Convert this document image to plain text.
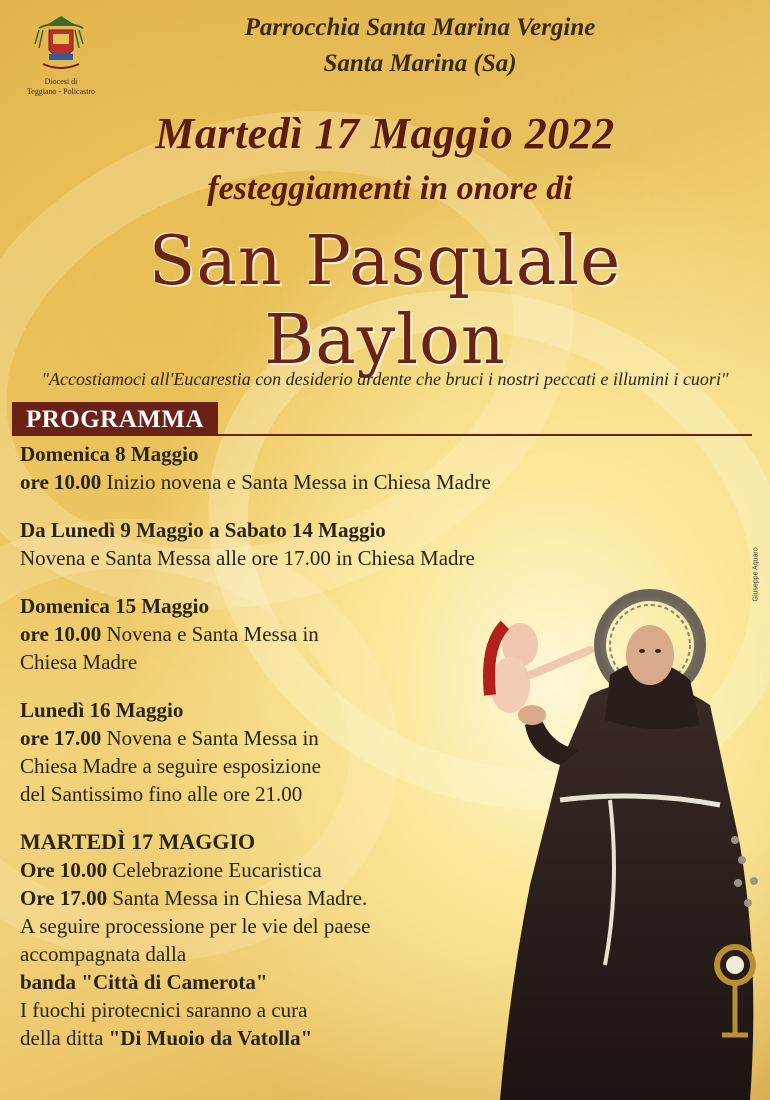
Diocesi di
Teggiano - Policastro
Parrocchia Santa Marina Vergine
Santa Marina (Sa)
Martedì 17 Maggio 2022
festeggiamenti in onore di
San Pasquale Baylon
"Accostiamoci all'Eucarestia con desiderio ardente che bruci i nostri peccati e illumini i cuori"
PROGRAMMA
Domenica 8 Maggio
ore 10.00 Inizio novena e Santa Messa in Chiesa Madre
Da Lunedì 9 Maggio a Sabato 14 Maggio
Novena e Santa Messa alle ore 17.00 in Chiesa Madre
Domenica 15 Maggio
ore 10.00 Novena e Santa Messa in
Chiesa Madre
Lunedì 16 Maggio
ore 17.00 Novena e Santa Messa in
Chiesa Madre a seguire esposizione
del Santissimo fino alle ore 21.00
MARTEDÌ 17 MAGGIO
Ore 10.00 Celebrazione Eucaristica
Ore 17.00 Santa Messa in Chiesa Madre.
A seguire processione per le vie del paese
accompagnata dalla
banda "Città di Camerota"
I fuochi pirotecnici saranno a cura
della ditta "Di Muoio da Vatolla"
Giuseppe Aquaro
